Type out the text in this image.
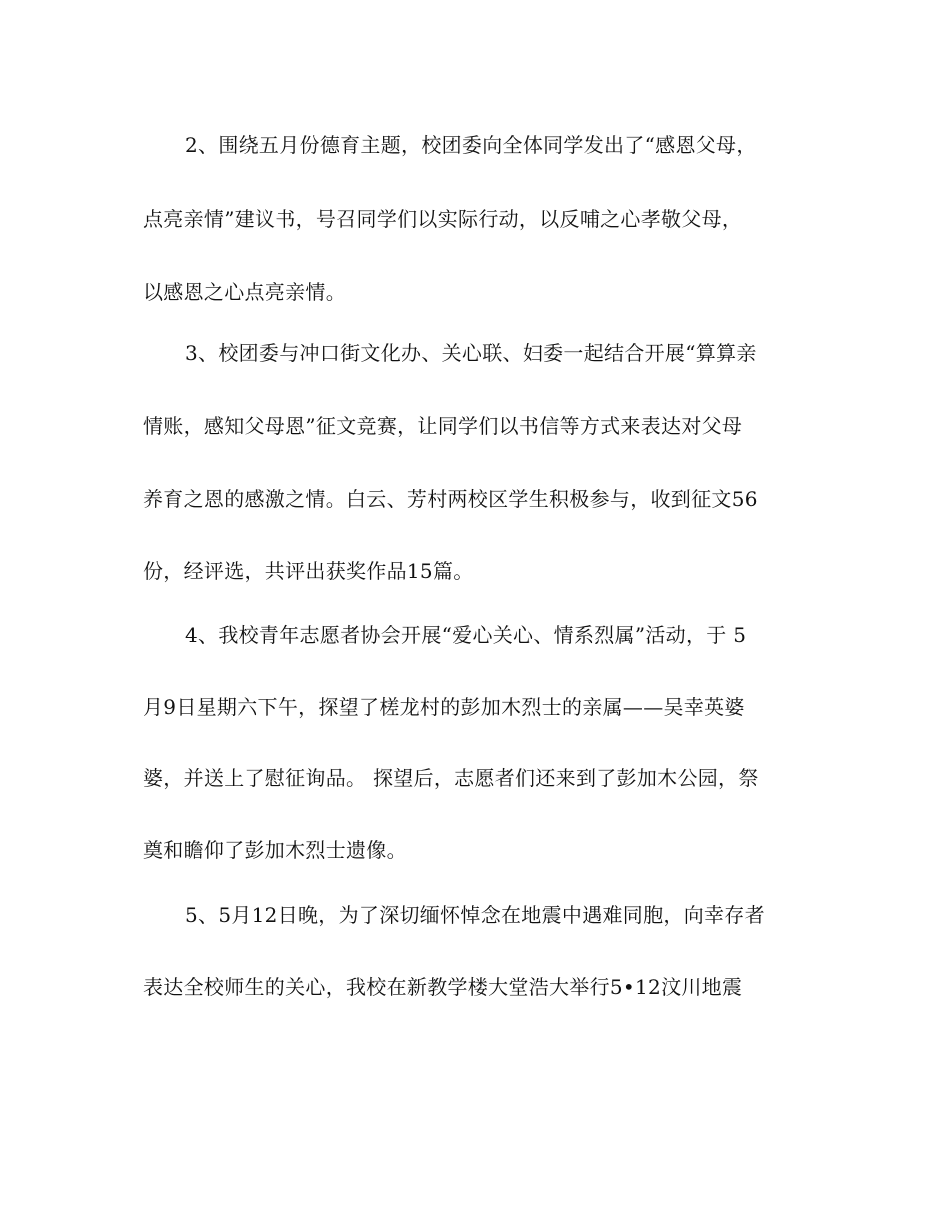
2、围绕五月份德育主题，校团委向全体同学发出了“感恩父母，
点亮亲情”建议书，号召同学们以实际行动，以反哺之心孝敬父母，
以感恩之心点亮亲情。
3、校团委与冲口街文化办、关心联、妇委一起结合开展“算算亲
情账，感知父母恩”征文竞赛，让同学们以书信等方式来表达对父母
养育之恩的感激之情。白云、芳村两校区学生积极参与，收到征文56
份，经评选，共评出获奖作品15篇。
4、我校青年志愿者协会开展“爱心关心、情系烈属”活动，于 5
月9日星期六下午，探望了槎龙村的彭加木烈士的亲属——吴幸英婆
婆，并送上了慰征询品。 探望后，志愿者们还来到了彭加木公园，祭
奠和瞻仰了彭加木烈士遗像。
5、5月12日晚，为了深切缅怀悼念在地震中遇难同胞，向幸存者
表达全校师生的关心，我校在新教学楼大堂浩大举行5•12汶川地震
